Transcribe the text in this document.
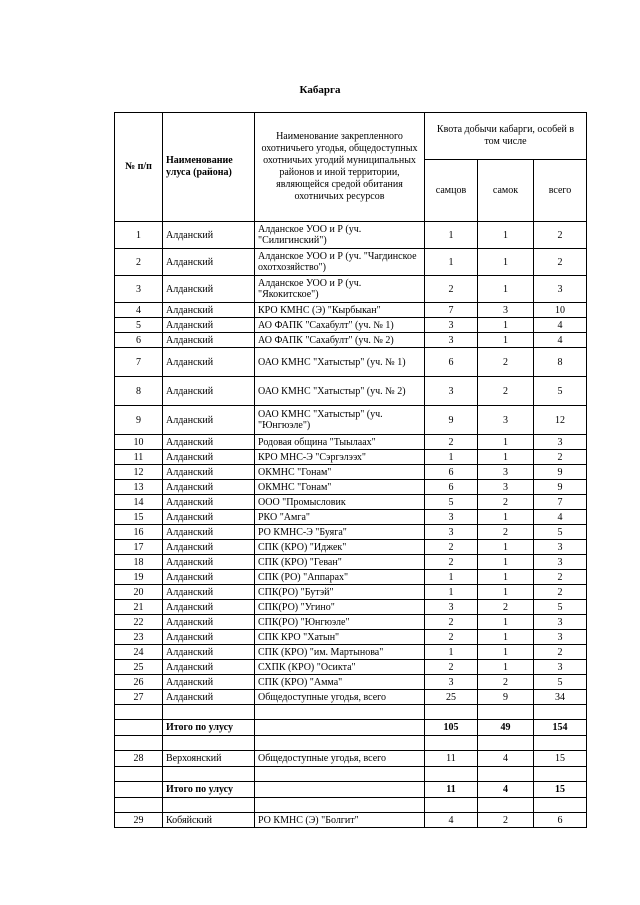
Кабарга
№ п/п	Наименование улуса (района)	Наименование закрепленного охотничьего угодья, общедоступных охотничьих угодий муниципальных районов и иной территории, являющейся средой обитания охотничьих ресурсов	Квота добычи кабарги, особей в том числе		
			самцов	самок	всего
1	Алданский	Алданское УОО и Р (уч. "Силигинский")	1	1	2
2	Алданский	Алданское УОО и Р (уч. "Чагдинское охотхозяйство")	1	1	2
3	Алданский	Алданское УОО и Р (уч. "Якокитское")	2	1	3
4	Алданский	КРО КМНС (Э) "Кырбыкан"	7	3	10
5	Алданский	АО ФАПК "Сахабулт" (уч. № 1)	3	1	4
6	Алданский	АО ФАПК "Сахабулт" (уч. № 2)	3	1	4
7	Алданский	ОАО КМНС "Хатыстыр" (уч. № 1)	6	2	8
8	Алданский	ОАО КМНС "Хатыстыр" (уч. № 2)	3	2	5
9	Алданский	ОАО КМНС "Хатыстыр" (уч. "Юнгюэле")	9	3	12
10	Алданский	Родовая община "Тыылаах"	2	1	3
11	Алданский	КРО МНС-Э "Сэргэлээх"	1	1	2
12	Алданский	ОКМНС "Гонам"	6	3	9
13	Алданский	ОКМНС "Гонам"	6	3	9
14	Алданский	ООО "Промысловик	5	2	7
15	Алданский	РКО "Амга"	3	1	4
16	Алданский	РО КМНС-Э "Буяга"	3	2	5
17	Алданский	СПК (КРО) "Иджек"	2	1	3
18	Алданский	СПК (КРО) "Геван"	2	1	3
19	Алданский	СПК (РО) "Аппарах"	1	1	2
20	Алданский	СПК(РО) "Бутэй"	1	1	2
21	Алданский	СПК(РО) "Угино"	3	2	5
22	Алданский	СПК(РО) "Юнгюэле"	2	1	3
23	Алданский	СПК КРО "Хатын"	2	1	3
24	Алданский	СПК (КРО) "им. Мартынова"	1	1	2
25	Алданский	СХПК (КРО) "Осикта"	2	1	3
26	Алданский	СПК (КРО) "Амма"	3	2	5
27	Алданский	Общедоступные угодья, всего	25	9	34

	Итого по улусу		105	49	154

28	Верхоянский	Общедоступные угодья, всего	11	4	15

	Итого по улусу		11	4	15

29	Кобяйский	РО КМНС (Э) "Болгит"	4	2	6
